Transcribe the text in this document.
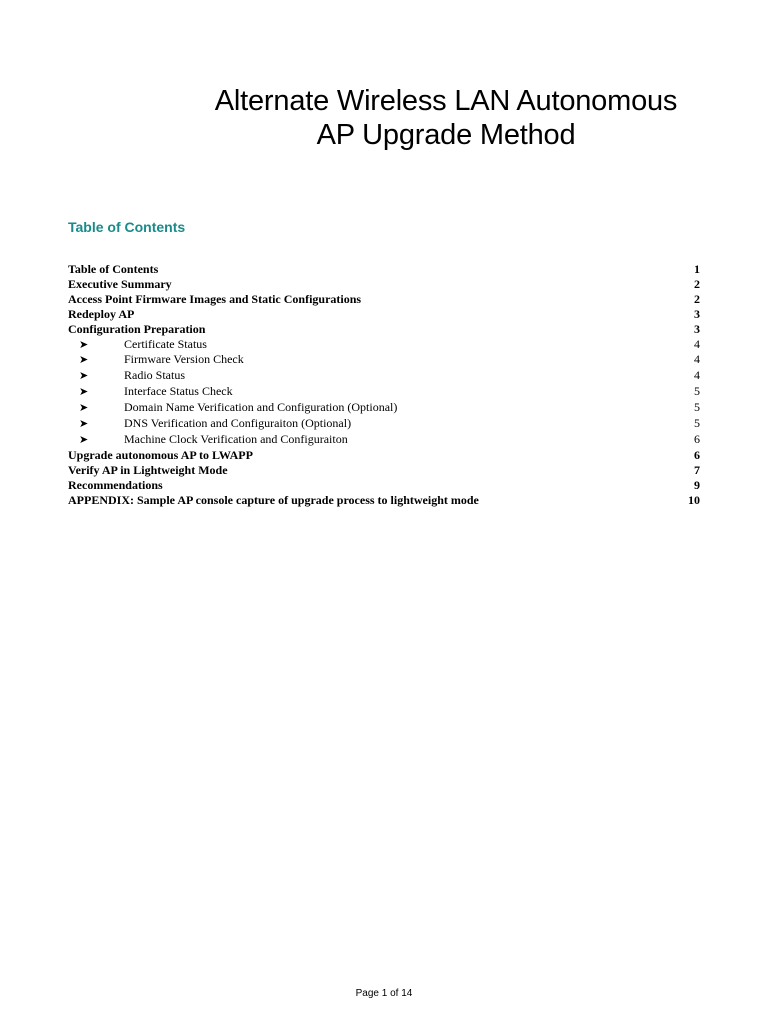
Alternate Wireless LAN Autonomous
AP Upgrade Method
Table of Contents
Table of Contents	1
Executive Summary	2
Access Point Firmware Images and Static Configurations	2
Redeploy AP	3
Configuration Preparation	3
➤	Certificate Status	4
➤	Firmware Version Check	4
➤	Radio Status	4
➤	Interface Status Check	5
➤	Domain Name Verification and Configuration (Optional)	5
➤	DNS Verification and Configuraiton (Optional)	5
➤	Machine Clock Verification and Configuraiton	6
Upgrade autonomous AP to LWAPP	6
Verify AP in Lightweight Mode	7
Recommendations	9
APPENDIX: Sample AP console capture of upgrade process to lightweight mode	10
Page 1 of 14
